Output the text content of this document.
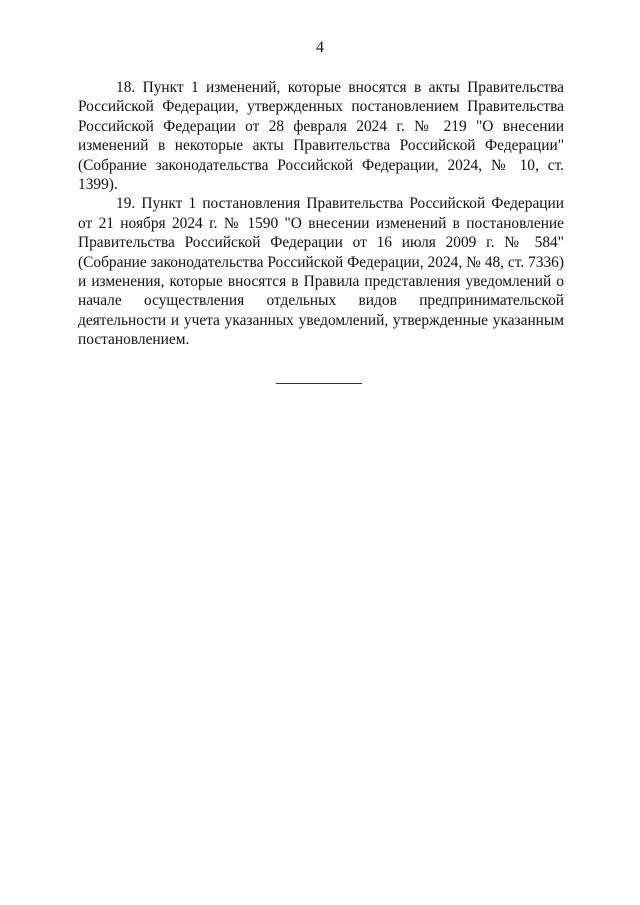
4

18. Пункт 1 изменений, которые вносятся в акты Правительства Российской Федерации, утвержденных постановлением Правительства Российской Федерации от 28 февраля 2024 г. № 219 "О внесении изменений в некоторые акты Правительства Российской Федерации" (Собрание законодательства Российской Федерации, 2024, № 10, ст. 1399).

19. Пункт 1 постановления Правительства Российской Федерации от 21 ноября 2024 г. № 1590 "О внесении изменений в постановление Правительства Российской Федерации от 16 июля 2009 г. № 584" (Собрание законодательства Российской Федерации, 2024, № 48, ст. 7336) и изменения, которые вносятся в Правила представления уведомлений о начале осуществления отдельных видов предпринимательской деятельности и учета указанных уведомлений, утвержденные указанным постановлением.
